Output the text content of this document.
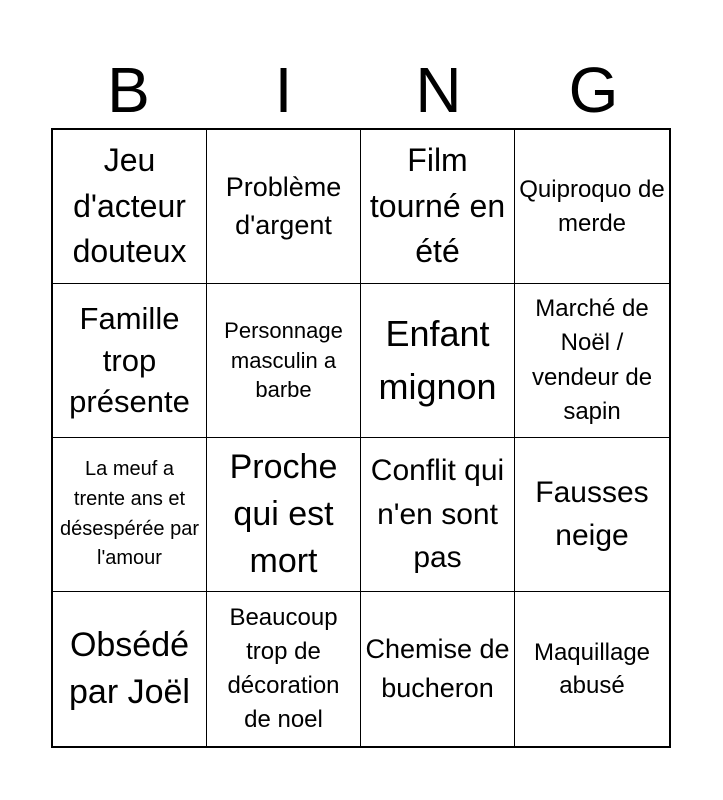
B	I	N	G
Jeu d'acteur douteux
Problème d'argent
Film tourné en été
Quiproquo de merde
Famille trop présente
Personnage masculin a barbe
Enfant mignon
Marché de Noël / vendeur de sapin
La meuf a trente ans et désespérée par l'amour
Proche qui est mort
Conflit qui n'en sont pas
Fausses neige
Obsédé par Joël
Beaucoup trop de décoration de noel
Chemise de bucheron
Maquillage abusé
